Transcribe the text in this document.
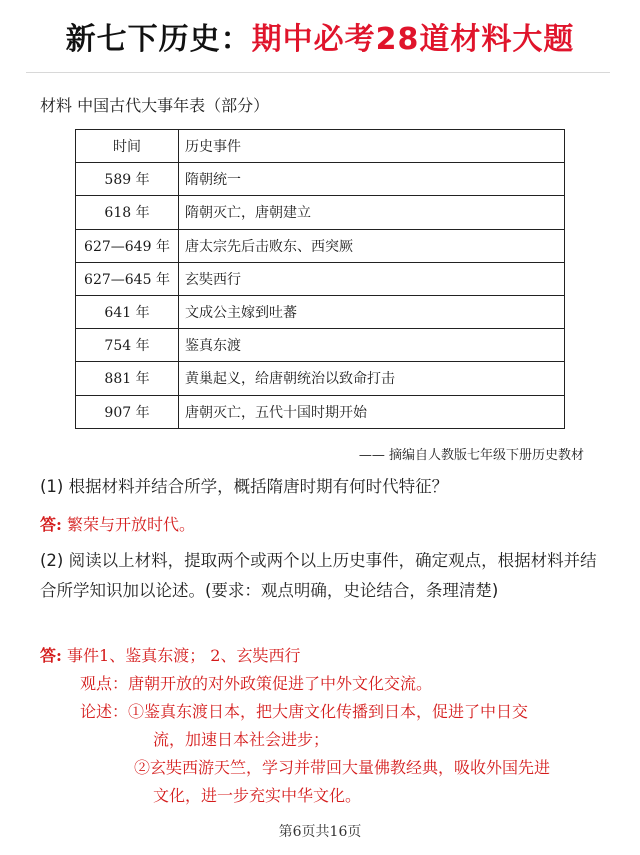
新七下历史：期中必考28道材料大题
材料 中国古代大事年表（部分）
时间	历史事件
589 年	隋朝统一
618 年	隋朝灭亡，唐朝建立
627—649 年	唐太宗先后击败东、西突厥
627—645 年	玄奘西行
641 年	文成公主嫁到吐蕃
754 年	鉴真东渡
881 年	黄巢起义，给唐朝统治以致命打击
907 年	唐朝灭亡，五代十国时期开始
—— 摘编自人教版七年级下册历史教材
(1) 根据材料并结合所学，概括隋唐时期有何时代特征？
答: 繁荣与开放时代。
(2) 阅读以上材料，提取两个或两个以上历史事件，确定观点，根据材料并结合所学知识加以论述。(要求：观点明确，史论结合，条理清楚)
答: 事件1、鉴真东渡； 2、玄奘西行
观点：唐朝开放的对外政策促进了中外文化交流。
论述：①鉴真东渡日本，把大唐文化传播到日本，促进了中日交
流，加速日本社会进步；
②玄奘西游天竺，学习并带回大量佛教经典，吸收外国先进
文化，进一步充实中华文化。
第6页共16页
